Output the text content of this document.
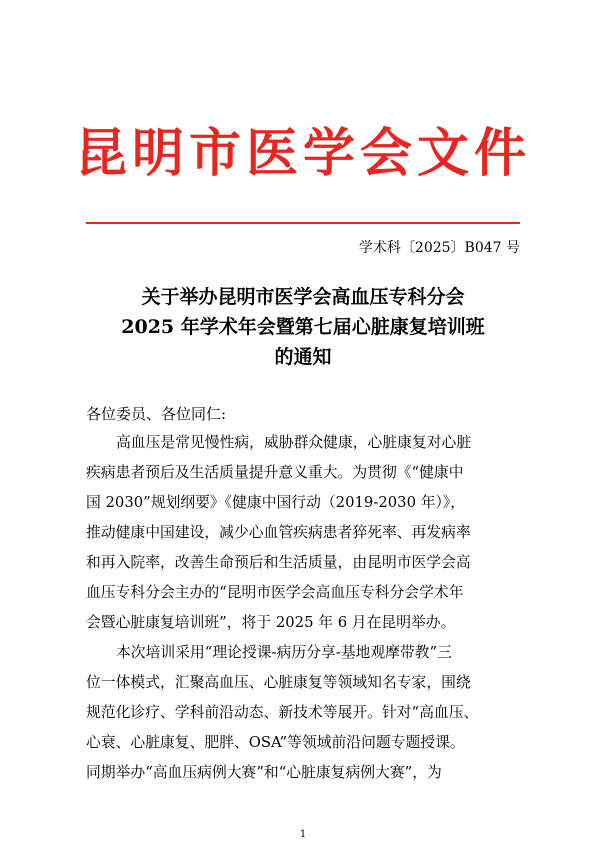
昆明市医学会文件
学术科〔2025〕B047 号
关于举办昆明市医学会高血压专科分会
2025 年学术年会暨第七届心脏康复培训班
的通知
各位委员、各位同仁:
高血压是常见慢性病，威胁群众健康，心脏康复对心脏
疾病患者预后及生活质量提升意义重大。为贯彻《“健康中
国 2030”规划纲要》《健康中国行动（2019-2030 年）》，
推动健康中国建设，减少心血管疾病患者猝死率、再发病率
和再入院率，改善生命预后和生活质量，由昆明市医学会高
血压专科分会主办的“昆明市医学会高血压专科分会学术年
会暨心脏康复培训班”，将于 2025 年 6 月在昆明举办。
本次培训采用“理论授课-病历分享-基地观摩带教”三
位一体模式，汇聚高血压、心脏康复等领域知名专家，围绕
规范化诊疗、学科前沿动态、新技术等展开。针对“高血压、
心衰、心脏康复、肥胖、OSA”等领域前沿问题专题授课。
同期举办“高血压病例大赛”和“心脏康复病例大赛”，为
1
